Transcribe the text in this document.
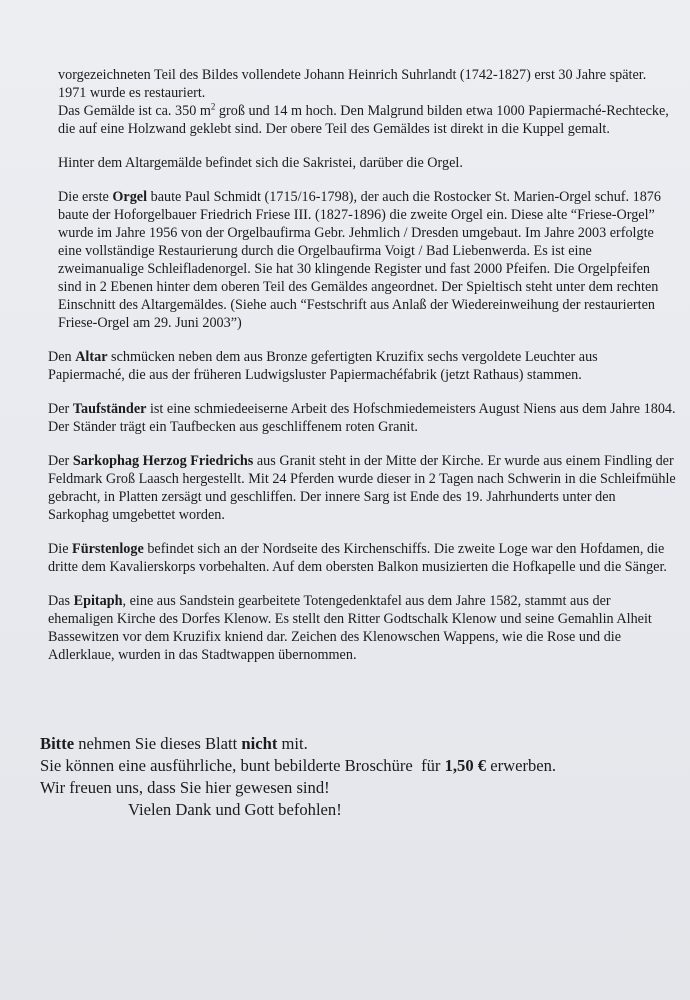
vorgezeichneten Teil des Bildes vollendete Johann Heinrich Suhrlandt (1742-1827) erst 30 Jahre später. 1971 wurde es restauriert.

Das Gemälde ist ca. 350 $m^2$ groß und 14 m hoch. Den Malgrund bilden etwa 1000 Papiermaché-Rechtecke, die auf eine Holzwand geklebt sind. Der obere Teil des Gemäldes ist direkt in die Kuppel gemalt.

Hinter dem Altargemälde befindet sich die Sakristei, darüber die Orgel.

Die erste Orgel baute Paul Schmidt (1715/16-1798), der auch die Rostocker St. Marien-Orgel schuf. 1876 baute der Hoforgelbauer Friedrich Friese III. (1827-1896) die zweite Orgel ein. Diese alte “Friese-Orgel” wurde im Jahre 1956 von der Orgelbaufirma Gebr. Jehmlich / Dresden umgebaut. Im Jahre 2003 erfolgte eine vollständige Restaurierung durch die Orgelbaufirma Voigt / Bad Liebenwerda. Es ist eine zweimanualige Schleifladenorgel. Sie hat 30 klingende Register und fast 2000 Pfeifen. Die Orgelpfeifen sind in 2 Ebenen hinter dem oberen Teil des Gemäldes angeordnet. Der Spieltisch steht unter dem rechten Einschnitt des Altargemäldes. (Siehe auch “Festschrift aus Anlaß der Wiedereinweihung der restaurierten Friese-Orgel am 29. Juni 2003”)

Den Altar schmücken neben dem aus Bronze gefertigten Kruzifix sechs vergoldete Leuchter aus Papiermaché, die aus der früheren Ludwigsluster Papiermachéfabrik (jetzt Rathaus) stammen.

Der Taufständer ist eine schmiedeeiserne Arbeit des Hofschmiedemeisters August Niens aus dem Jahre 1804. Der Ständer trägt ein Taufbecken aus geschliffenem roten Granit.

Der Sarkophag Herzog Friedrichs aus Granit steht in der Mitte der Kirche. Er wurde aus einem Findling der Feldmark Groß Laasch hergestellt. Mit 24 Pferden wurde dieser in 2 Tagen nach Schwerin in die Schleifmühle gebracht, in Platten zersägt und geschliffen. Der innere Sarg ist Ende des 19. Jahrhunderts unter den Sarkophag umgebettet worden.

Die Fürstenloge befindet sich an der Nordseite des Kirchenschiffs. Die zweite Loge war den Hofdamen, die dritte dem Kavalierskorps vorbehalten. Auf dem obersten Balkon musizierten die Hofkapelle und die Sänger.

Das Epitaph, eine aus Sandstein gearbeitete Totengedenktafel aus dem Jahre 1582, stammt aus der ehemaligen Kirche des Dorfes Klenow. Es stellt den Ritter Godtschalk Klenow und seine Gemahlin Alheit Bassewitzen vor dem Kruzifix kniend dar. Zeichen des Klenowschen Wappens, wie die Rose und die Adlerklaue, wurden in das Stadtwappen übernommen.

Bitte nehmen Sie dieses Blatt nicht mit.

Sie können eine ausführliche, bunt bebilderte Broschüre  für 1,50 € erwerben.

Wir freuen uns, dass Sie hier gewesen sind!

Vielen Dank und Gott befohlen!
